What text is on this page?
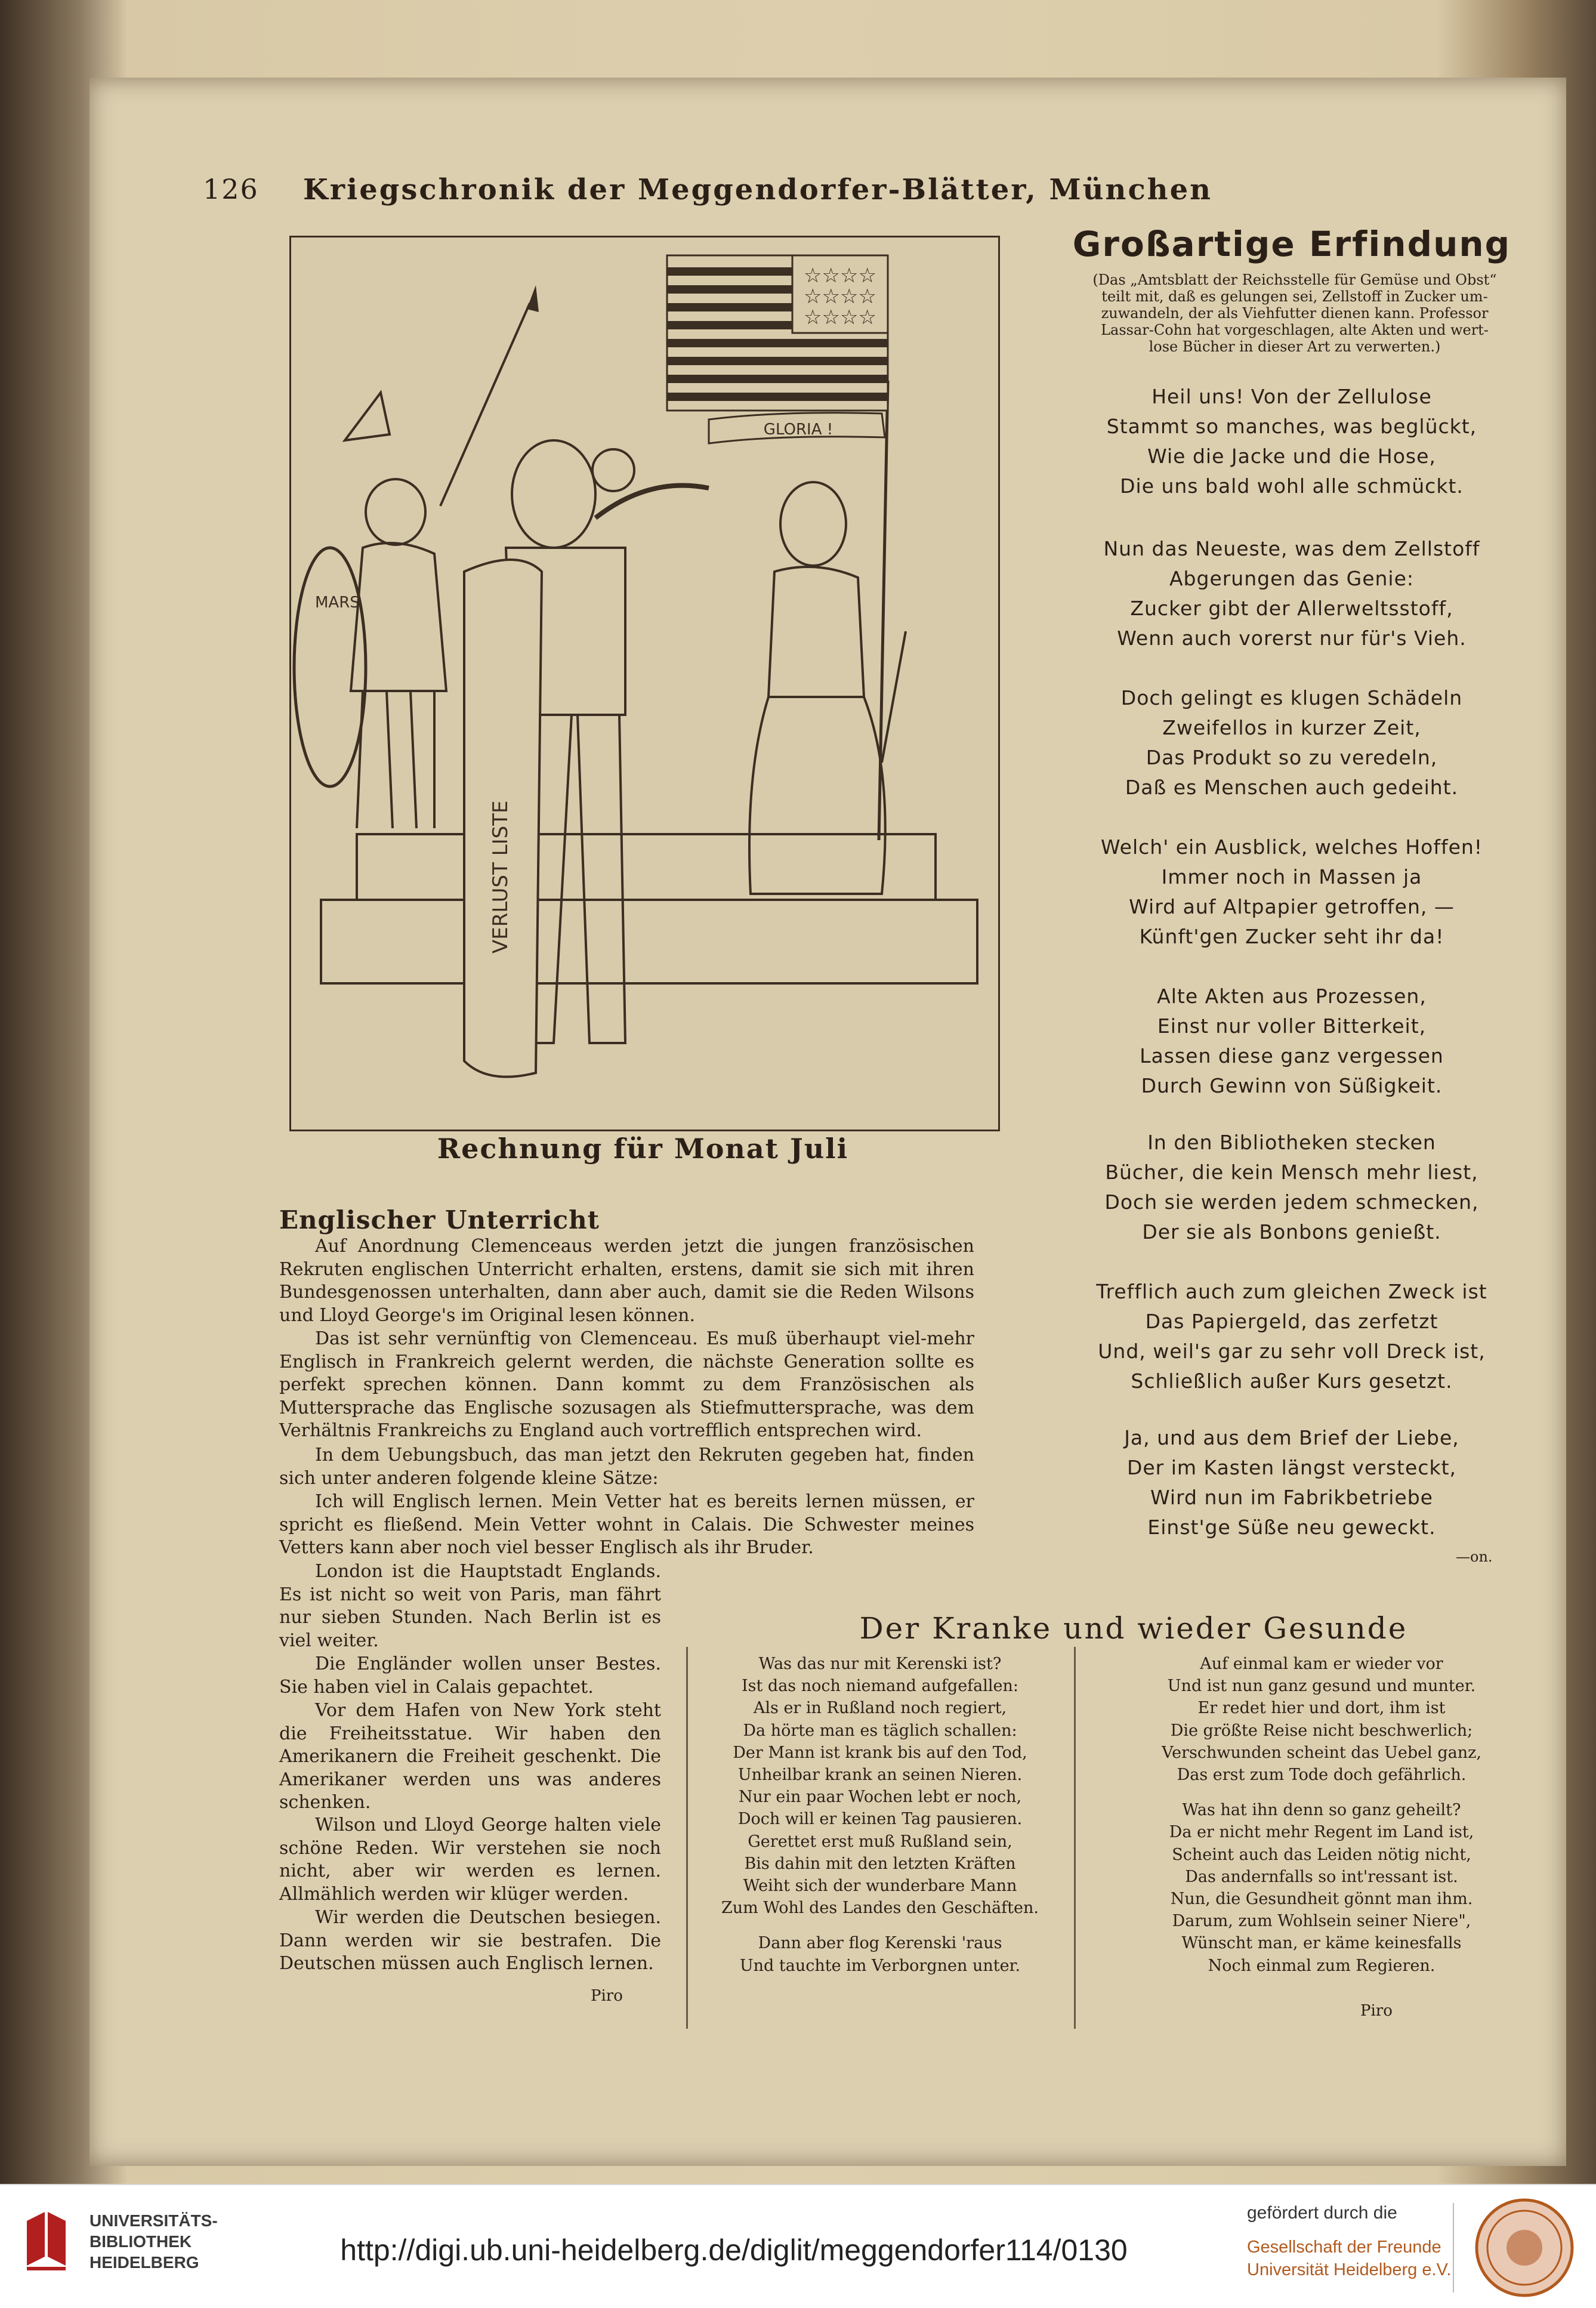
126	Kriegschronik der Meggendorfer-Blätter, München
☆☆☆☆
☆☆☆☆
☆☆☆☆
GLORIA !
MARS
VERLUST LISTE
Rechnung für Monat Juli
Großartige Erfindung
(Das „Amtsblatt der Reichsstelle für Gemüse und Obst“
teilt mit, daß es gelungen sei, Zellstoff in Zucker um-
zuwandeln, der als Viehfutter dienen kann. Professor
Lassar-Cohn hat vorgeschlagen, alte Akten und wert-
lose Bücher in dieser Art zu verwerten.)
Heil uns! Von der Zellulose
Stammt so manches, was beglückt,
Wie die Jacke und die Hose,
Die uns bald wohl alle schmückt.
Nun das Neueste, was dem Zellstoff
Abgerungen das Genie:
Zucker gibt der Allerweltsstoff,
Wenn auch vorerst nur für's Vieh.
Doch gelingt es klugen Schädeln
Zweifellos in kurzer Zeit,
Das Produkt so zu veredeln,
Daß es Menschen auch gedeiht.
Welch' ein Ausblick, welches Hoffen!
Immer noch in Massen ja
Wird auf Altpapier getroffen, —
Künft'gen Zucker seht ihr da!
Alte Akten aus Prozessen,
Einst nur voller Bitterkeit,
Lassen diese ganz vergessen
Durch Gewinn von Süßigkeit.
In den Bibliotheken stecken
Bücher, die kein Mensch mehr liest,
Doch sie werden jedem schmecken,
Der sie als Bonbons genießt.
Trefflich auch zum gleichen Zweck ist
Das Papiergeld, das zerfetzt
Und, weil's gar zu sehr voll Dreck ist,
Schließlich außer Kurs gesetzt.
Ja, und aus dem Brief der Liebe,
Der im Kasten längst versteckt,
Wird nun im Fabrikbetriebe
Einst'ge Süße neu geweckt.
—on.
Englischer Unterricht
Auf Anordnung Clemenceaus werden jetzt die jungen französischen Rekruten englischen Unterricht erhalten, erstens, damit sie sich mit ihren Bundesgenossen unterhalten, dann aber auch, damit sie die Reden Wilsons und Lloyd George's im Original lesen können.
Das ist sehr vernünftig von Clemenceau. Es muß überhaupt viel-mehr Englisch in Frankreich gelernt werden, die nächste Generation sollte es perfekt sprechen können. Dann kommt zu dem Französischen als Muttersprache das Englische sozusagen als Stiefmuttersprache, was dem Verhältnis Frankreichs zu England auch vortrefflich entsprechen wird.
In dem Uebungsbuch, das man jetzt den Rekruten gegeben hat, finden sich unter anderen folgende kleine Sätze:
Ich will Englisch lernen. Mein Vetter hat es bereits lernen müssen, er spricht es fließend. Mein Vetter wohnt in Calais. Die Schwester meines Vetters kann aber noch viel besser Englisch als ihr Bruder.
London ist die Hauptstadt Englands. Es ist nicht so weit von Paris, man fährt nur sieben Stunden. Nach Berlin ist es viel weiter.
Die Engländer wollen unser Bestes. Sie haben viel in Calais gepachtet.
Vor dem Hafen von New York steht die Freiheitsstatue. Wir haben den Amerikanern die Freiheit geschenkt. Die Amerikaner werden uns was anderes schenken.
Wilson und Lloyd George halten viele schöne Reden. Wir verstehen sie noch nicht, aber wir werden es lernen. Allmählich werden wir klüger werden.
Wir werden die Deutschen besiegen. Dann werden wir sie bestrafen. Die Deutschen müssen auch Englisch lernen.
Piro
Der Kranke und wieder Gesunde
Was das nur mit Kerenski ist?
Ist das noch niemand aufgefallen:
Als er in Rußland noch regiert,
Da hörte man es täglich schallen:
Der Mann ist krank bis auf den Tod,
Unheilbar krank an seinen Nieren.
Nur ein paar Wochen lebt er noch,
Doch will er keinen Tag pausieren.
Gerettet erst muß Rußland sein,
Bis dahin mit den letzten Kräften
Weiht sich der wunderbare Mann
Zum Wohl des Landes den Geschäften.
Dann aber flog Kerenski 'raus
Und tauchte im Verborgnen unter.
Auf einmal kam er wieder vor
Und ist nun ganz gesund und munter.
Er redet hier und dort, ihm ist
Die größte Reise nicht beschwerlich;
Verschwunden scheint das Uebel ganz,
Das erst zum Tode doch gefährlich.
Was hat ihn denn so ganz geheilt?
Da er nicht mehr Regent im Land ist,
Scheint auch das Leiden nötig nicht,
Das andernfalls so int'ressant ist.
Nun, die Gesundheit gönnt man ihm.
Darum, zum Wohlsein seiner Niere",
Wünscht man, er käme keinesfalls
Noch einmal zum Regieren.
Piro
UNIVERSITÄTS-
BIBLIOTHEK
HEIDELBERG	http://digi.ub.uni-heidelberg.de/diglit/meggendorfer114/0130
gefördert durch die
Gesellschaft der Freunde
Universität Heidelberg e.V.
